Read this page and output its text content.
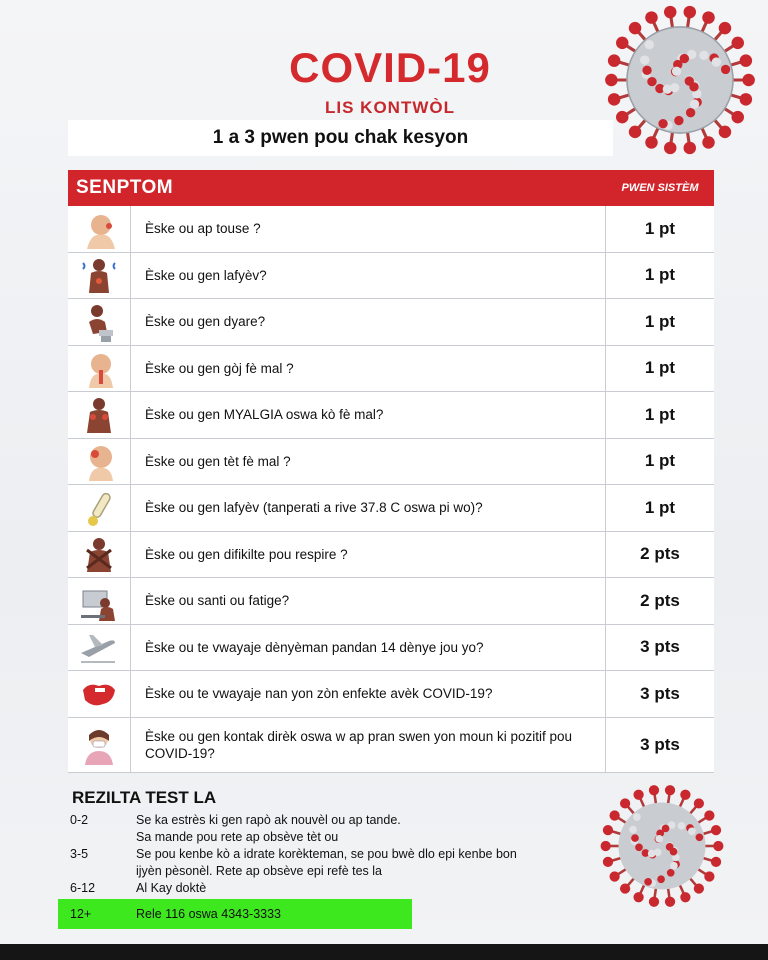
COVID-19
LIS KONTWÒL
1 a 3 pwen pou chak kesyon
SENPTOM	PWEN SISTÈM
Èske ou ap touse ?	1 pt
Èske ou gen lafyèv?	1 pt
Èske ou gen dyare?	1 pt
Èske ou gen gòj fè mal ?	1 pt
Èske ou gen MYALGIA oswa kò fè mal?	1 pt
Èske ou gen tèt fè mal ?	1 pt
Èske ou gen lafyèv (tanperati a rive 37.8 C oswa pi wo)?	1 pt
Èske ou gen difikilte pou respire ?	2 pts
Èske ou santi ou fatige?	2 pts
Èske ou te vwayaje dènyèman pandan 14 dènye jou yo?	3 pts
Èske ou te vwayaje nan yon zòn enfekte avèk COVID-19?	3 pts
Èske ou gen kontak dirèk oswa w ap pran swen yon moun ki pozitif pou COVID-19?	3 pts
REZILTA TEST LA
0-2	Se ka estrès ki gen rapò ak nouvèl ou ap tande.
Sa mande pou rete ap obsève tèt ou
3-5	Se pou kenbe kò a idrate korèkteman, se pou bwè dlo epi kenbe bon
ijyèn pèsonèl. Rete ap obsève epi refè tes la
6-12	Al Kay doktè
12+	Rele 116 oswa 4343-3333
